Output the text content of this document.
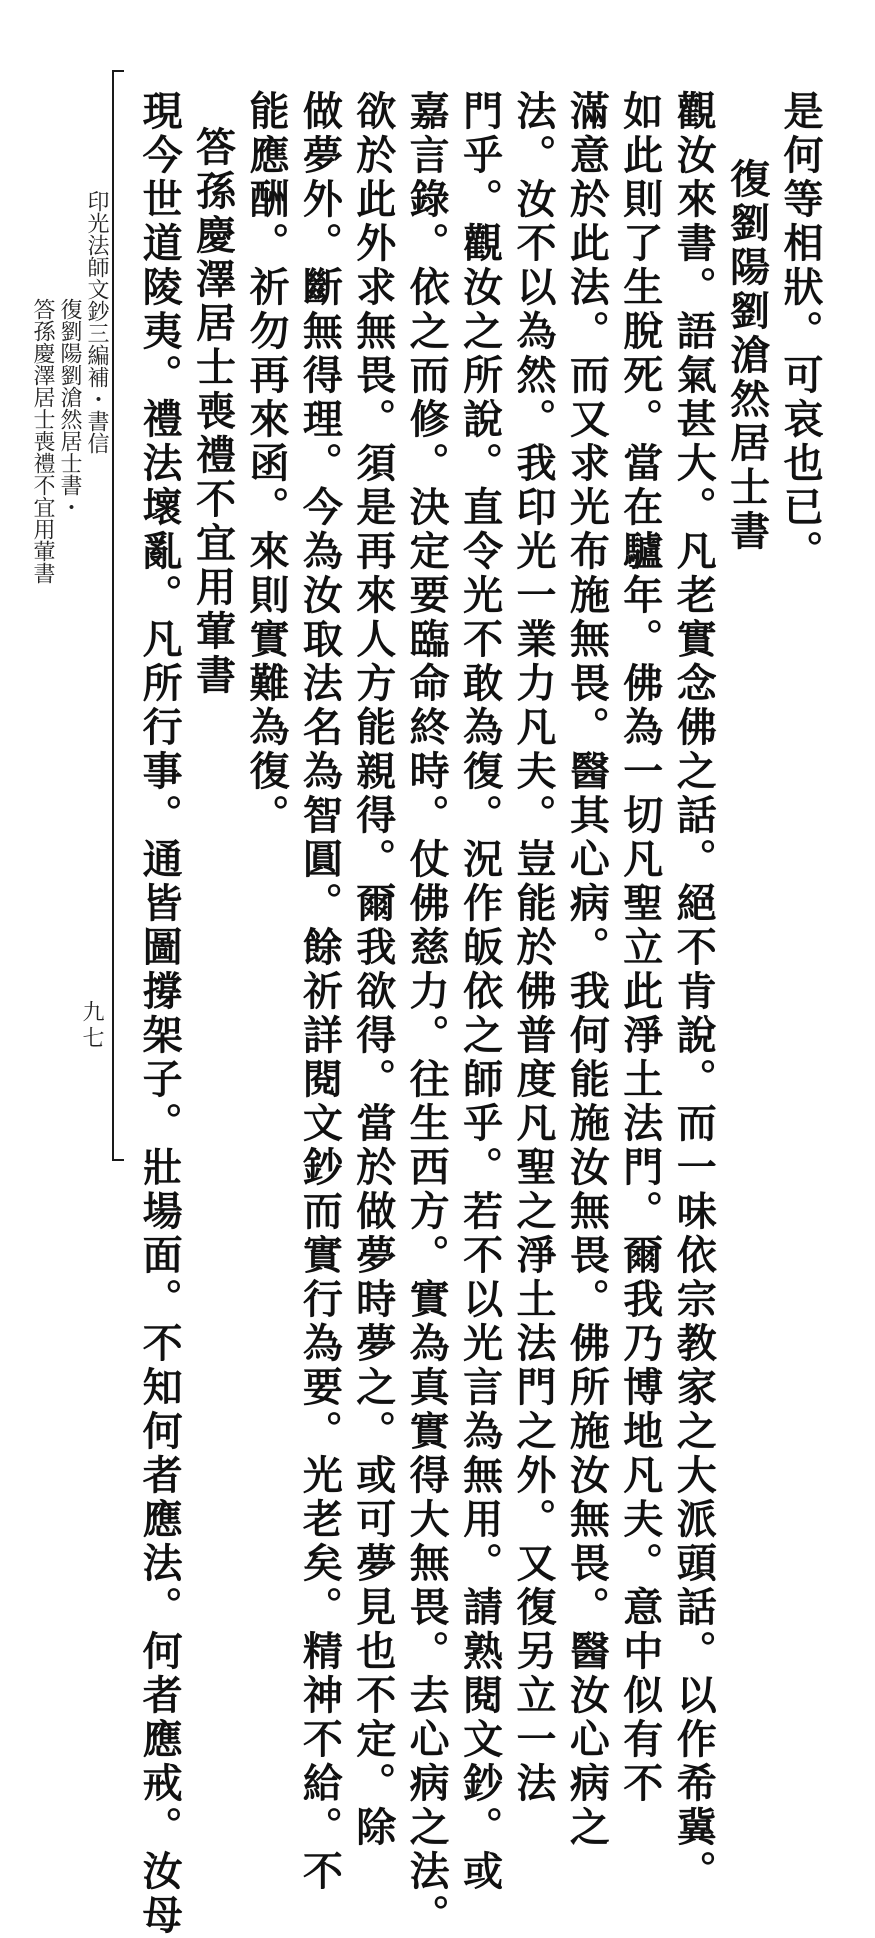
是何等相狀。可哀也已。
復劉陽劉滄然居士書
觀汝來書。語氣甚大。凡老實念佛之話。絕不肯說。而一味依宗教家之大派頭話。以作希冀。
如此則了生脫死。當在驢年。佛為一切凡聖立此淨土法門。爾我乃博地凡夫。意中似有不
滿意於此法。而又求光布施無畏。醫其心病。我何能施汝無畏。佛所施汝無畏。醫汝心病之
法。汝不以為然。我印光一業力凡夫。豈能於佛普度凡聖之淨土法門之外。又復另立一法
門乎。觀汝之所說。直令光不敢為復。況作皈依之師乎。若不以光言為無用。請熟閱文鈔。或
嘉言錄。依之而修。決定要臨命終時。仗佛慈力。往生西方。實為真實得大無畏。去心病之法。
欲於此外求無畏。須是再來人方能親得。爾我欲得。當於做夢時夢之。或可夢見也不定。除
做夢外。斷無得理。今為汝取法名為智圓。餘祈詳閱文鈔而實行為要。光老矣。精神不給。不
能應酬。祈勿再來函。來則實難為復。
答孫慶澤居士喪禮不宜用葷書
現今世道陵夷。禮法壞亂。凡所行事。通皆圖撐架子。壯場面。不知何者應法。何者應戒。汝母
印光法師文鈔三編補・書信
復劉陽劉滄然居士書・
答孫慶澤居士喪禮不宜用葷書
九七
